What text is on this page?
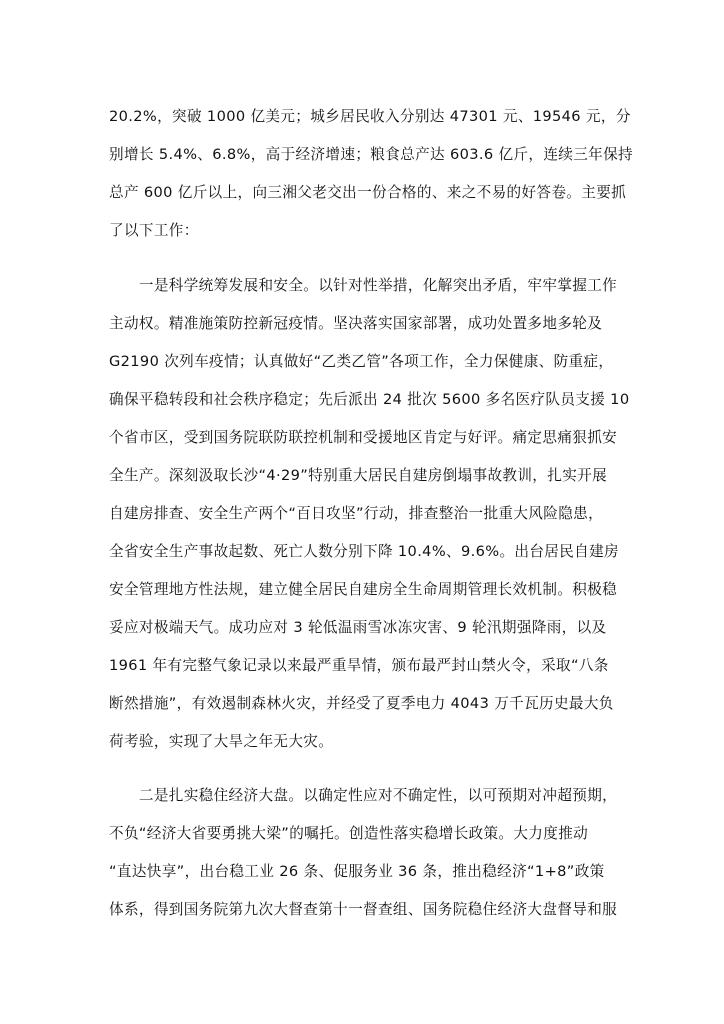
20.2%，突破 1000 亿美元；城乡居民收入分别达 47301 元、19546 元，分
别增长 5.4%、6.8%，高于经济增速；粮食总产达 603.6 亿斤，连续三年保持
总产 600 亿斤以上，向三湘父老交出一份合格的、来之不易的好答卷。主要抓
了以下工作：
　　一是科学统筹发展和安全。以针对性举措，化解突出矛盾，牢牢掌握工作
主动权。精准施策防控新冠疫情。坚决落实国家部署，成功处置多地多轮及
G2190 次列车疫情；认真做好“乙类乙管”各项工作，全力保健康、防重症，
确保平稳转段和社会秩序稳定；先后派出 24 批次 5600 多名医疗队员支援 10
个省市区，受到国务院联防联控机制和受援地区肯定与好评。痛定思痛狠抓安
全生产。深刻汲取长沙“4·29”特别重大居民自建房倒塌事故教训，扎实开展
自建房排查、安全生产两个“百日攻坚”行动，排查整治一批重大风险隐患，
全省安全生产事故起数、死亡人数分别下降 10.4%、9.6%。出台居民自建房
安全管理地方性法规，建立健全居民自建房全生命周期管理长效机制。积极稳
妥应对极端天气。成功应对 3 轮低温雨雪冰冻灾害、9 轮汛期强降雨，以及
1961 年有完整气象记录以来最严重旱情，颁布最严封山禁火令，采取“八条
断然措施”，有效遏制森林火灾，并经受了夏季电力 4043 万千瓦历史最大负
荷考验，实现了大旱之年无大灾。
　　二是扎实稳住经济大盘。以确定性应对不确定性，以可预期对冲超预期，
不负“经济大省要勇挑大梁”的嘱托。创造性落实稳增长政策。大力度推动
“直达快享”，出台稳工业 26 条、促服务业 36 条，推出稳经济“1+8”政策
体系，得到国务院第九次大督查第十一督查组、国务院稳住经济大盘督导和服
